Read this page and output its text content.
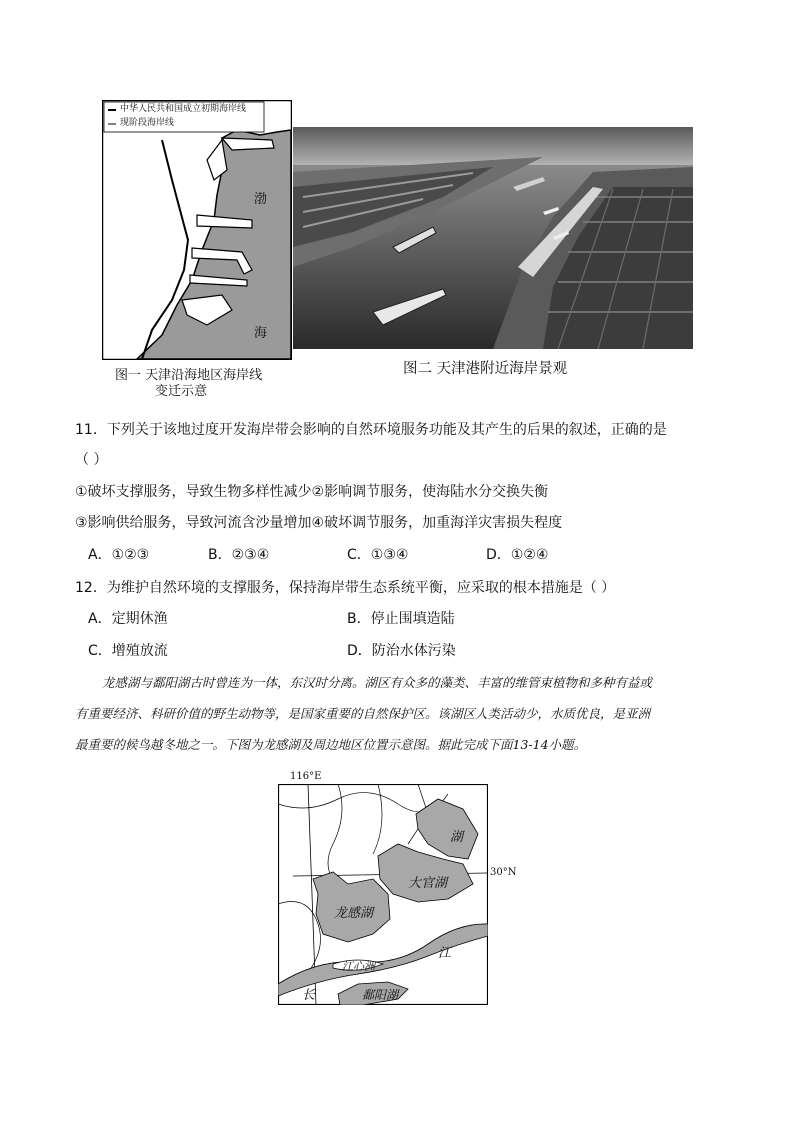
中华人民共和国成立初期海岸线
现阶段海岸线
渤
海
图一 天津沿海地区海岸线
变迁示意
图二 天津港附近海岸景观
11．下列关于该地过度开发海岸带会影响的自然环境服务功能及其产生的后果的叙述，正确的是
（ ）
①破坏支撑服务，导致生物多样性减少②影响调节服务，使海陆水分交换失衡
③影响供给服务，导致河流含沙量增加④破坏调节服务，加重海洋灾害损失程度
A．①②③	B．②③④	C．①③④	D．①②④
12．为维护自然环境的支撑服务，保持海岸带生态系统平衡，应采取的根本措施是（ ）
A．定期休渔	B．停止围填造陆
C．增殖放流	D．防治水体污染
龙感湖与鄱阳湖古时曾连为一体，东汉时分离。湖区有众多的藻类、丰富的维管束植物和多种有益或
有重要经济、科研价值的野生动物等，是国家重要的自然保护区。该湖区人类活动少，水质优良，是亚洲
最重要的候鸟越冬地之一。下图为龙感湖及周边地区位置示意图。据此完成下面13-14小题。
湖
大官湖
龙感湖
江
江心洲
长	鄱阳湖
116°E
30°N
